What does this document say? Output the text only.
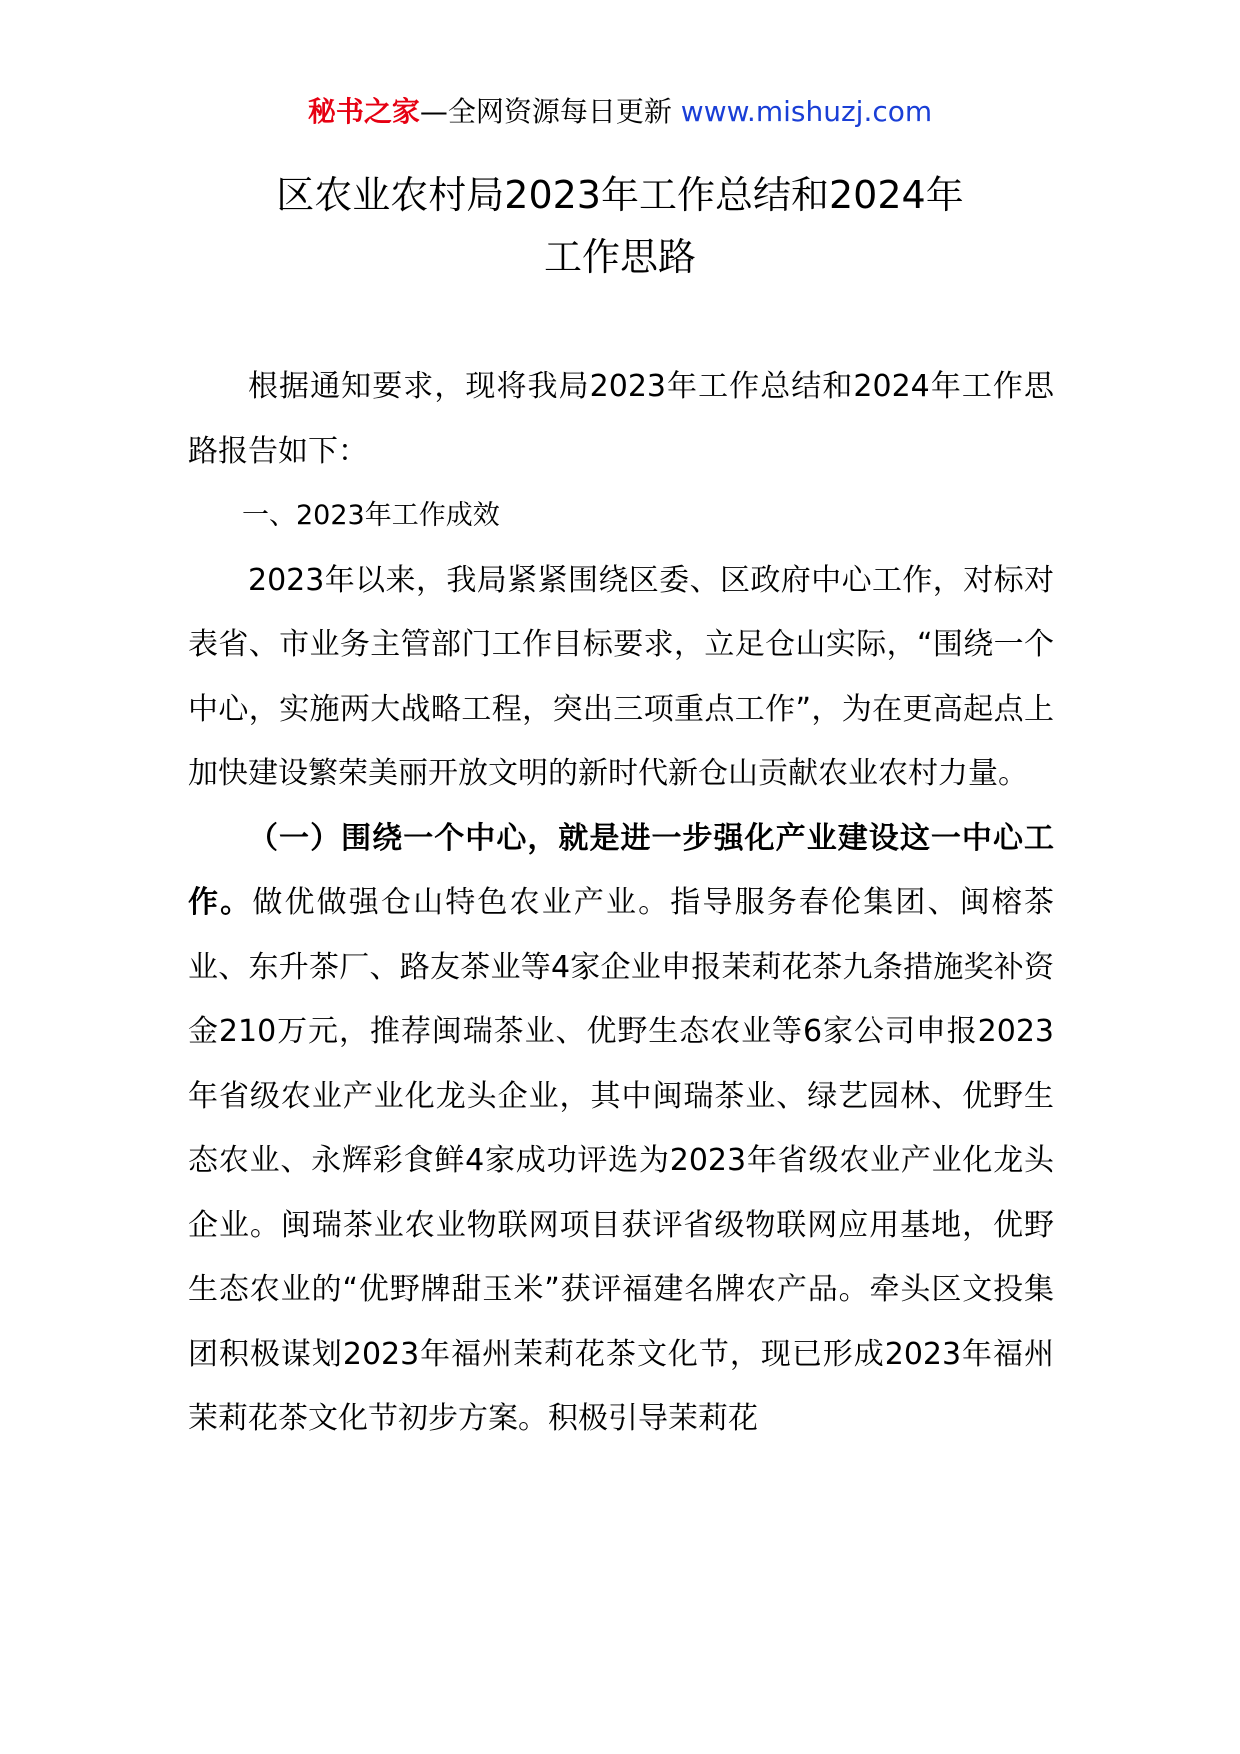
秘书之家—全网资源每日更新 www.mishuzj.com
区农业农村局2023年工作总结和2024年
工作思路

根据通知要求，现将我局2023年工作总结和2024年工作思路报告如下：

一、2023年工作成效

2023年以来，我局紧紧围绕区委、区政府中心工作，对标对表省、市业务主管部门工作目标要求，立足仓山实际，“围绕一个中心，实施两大战略工程，突出三项重点工作”，为在更高起点上加快建设繁荣美丽开放文明的新时代新仓山贡献农业农村力量。

（一）围绕一个中心，就是进一步强化产业建设这一中心工作。做优做强仓山特色农业产业。指导服务春伦集团、闽榕茶业、东升茶厂、路友茶业等4家企业申报茉莉花茶九条措施奖补资金210万元，推荐闽瑞茶业、优野生态农业等6家公司申报2023年省级农业产业化龙头企业，其中闽瑞茶业、绿艺园林、优野生态农业、永辉彩食鲜4家成功评选为2023年省级农业产业化龙头企业。闽瑞茶业农业物联网项目获评省级物联网应用基地，优野生态农业的“优野牌甜玉米”获评福建名牌农产品。牵头区文投集团积极谋划2023年福州茉莉花茶文化节，现已形成2023年福州茉莉花茶文化节初步方案。积极引导茉莉花
